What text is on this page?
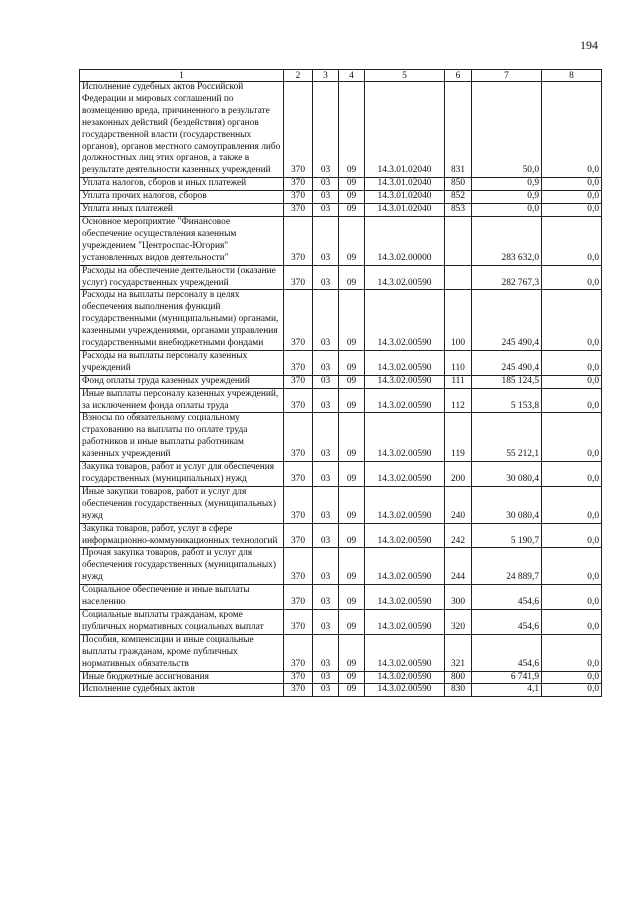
194
1	2	3	4	5	6	7	8
Исполнение судебных актов Российской Федерации и мировых соглашений по возмещению вреда, причиненного в результате незаконных действий (бездействия) органов государственной власти (государственных органов), органов местного самоуправления либо должностных лиц этих органов, а также в результате деятельности казенных учреждений	370	03	09	14.3.01.02040	831	50,0	0,0
Уплата налогов, сборов и иных платежей	370	03	09	14.3.01.02040	850	0,9	0,0
Уплата прочих налогов, сборов	370	03	09	14.3.01.02040	852	0,9	0,0
Уплата иных платежей	370	03	09	14.3.01.02040	853	0,0	0,0
Основное мероприятие "Финансовое обеспечение осуществления казенным учреждением "Центроспас-Югория" установленных видов деятельности"	370	03	09	14.3.02.00000		283 632,0	0,0
Расходы на обеспечение деятельности (оказание услуг) государственных учреждений	370	03	09	14.3.02.00590		282 767,3	0,0
Расходы на выплаты персоналу в целях обеспечения выполнения функций государственными (муниципальными) органами, казенными учреждениями, органами управления государственными внебюджетными фондами	370	03	09	14.3.02.00590	100	245 490,4	0,0
Расходы на выплаты персоналу казенных учреждений	370	03	09	14.3.02.00590	110	245 490,4	0,0
Фонд оплаты труда казенных учреждений	370	03	09	14.3.02.00590	111	185 124,5	0,0
Иные выплаты персоналу казенных учреждений, за исключением фонда оплаты труда	370	03	09	14.3.02.00590	112	5 153,8	0,0
Взносы по обязательному социальному страхованию на выплаты по оплате труда работников и иные выплаты работникам казенных учреждений	370	03	09	14.3.02.00590	119	55 212,1	0,0
Закупка товаров, работ и услуг для обеспечения государственных (муниципальных) нужд	370	03	09	14.3.02.00590	200	30 080,4	0,0
Иные закупки товаров, работ и услуг для обеспечения государственных (муниципальных) нужд	370	03	09	14.3.02.00590	240	30 080,4	0,0
Закупка товаров, работ, услуг в сфере информационно-коммуникационных технологий	370	03	09	14.3.02.00590	242	5 190,7	0,0
Прочая закупка товаров, работ и услуг для обеспечения государственных (муниципальных) нужд	370	03	09	14.3.02.00590	244	24 889,7	0,0
Социальное обеспечение и иные выплаты населению	370	03	09	14.3.02.00590	300	454,6	0,0
Социальные выплаты гражданам, кроме публичных нормативных социальных выплат	370	03	09	14.3.02.00590	320	454,6	0,0
Пособия, компенсации и иные социальные выплаты гражданам, кроме публичных нормативных обязательств	370	03	09	14.3.02.00590	321	454,6	0,0
Иные бюджетные ассигнования	370	03	09	14.3.02.00590	800	6 741,9	0,0
Исполнение судебных актов	370	03	09	14.3.02.00590	830	4,1	0,0
